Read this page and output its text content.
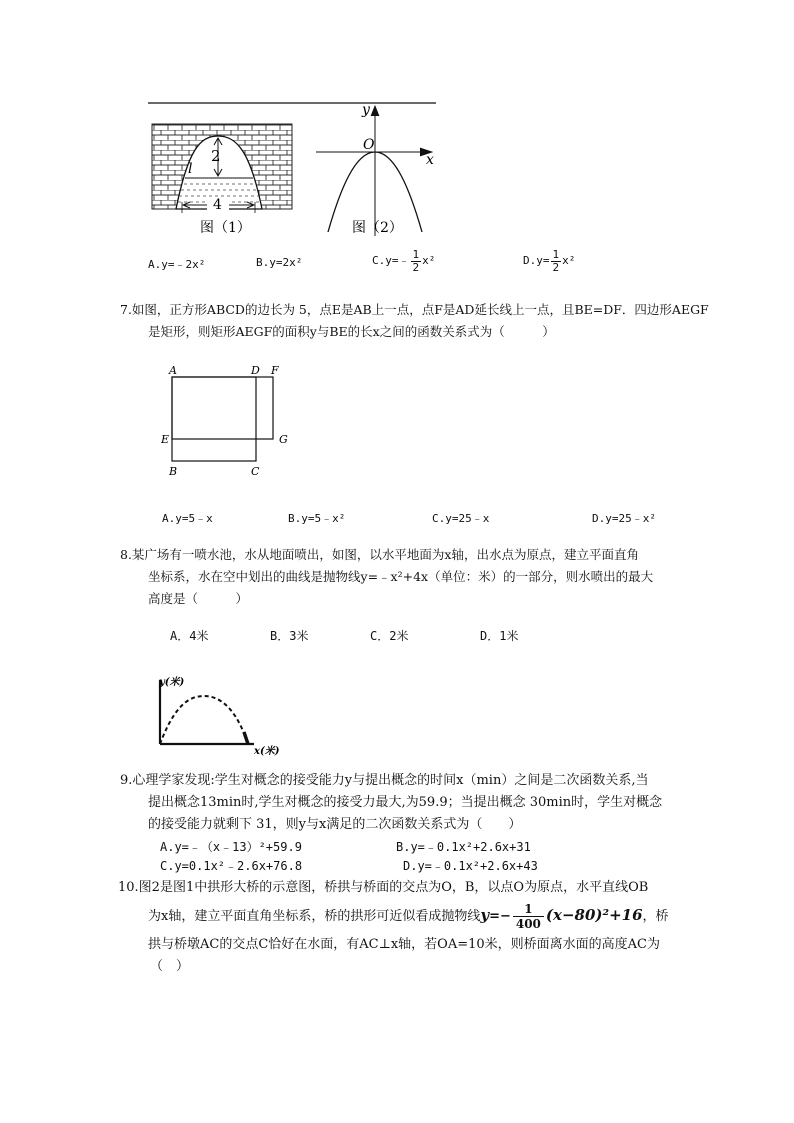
2
4
l
图（1）
y
x
O
图（2）
A.y=﹣2x²	B.y=2x²	C.y=﹣ $\frac{1}{2} x^2$	$D.y= \frac{1}{2} x^2$
7.如图，正方形ABCD的边长为 5，点E是AB上一点，点F是AD延长线上一点，且BE=DF．四边形AEGF
是矩形，则矩形AEGF的面积y与BE的长x之间的函数关系式为（　　　）
A	D F
E	G
B	C
A.y=5﹣x	B.y=5﹣x²	C.y=25﹣x	D.y=25﹣x²
8.某广场有一喷水池，水从地面喷出，如图，以水平地面为x轴，出水点为原点，建立平面直角
坐标系，水在空中划出的曲线是抛物线y=﹣x²+4x（单位：米）的一部分，则水喷出的最大
高度是（　　　）
A．4米	B．3米	C．2米	D．1米
y(米)
x(米)
9.心理学家发现:学生对概念的接受能力y与提出概念的时间x（min）之间是二次函数关系,当
提出概念13min时,学生对概念的接受力最大,为59.9；当提出概念 30min时，学生对概念
的接受能力就剩下 31，则y与x满足的二次函数关系式为（　　）
A.y=﹣（x﹣13）²+59.9	B.y=﹣0.1x²+2.6x+31
C.y=0.1x²﹣2.6x+76.8	D.y=﹣0.1x²+2.6x+43
10.图2是图1中拱形大桥的示意图，桥拱与桥面的交点为O，B，以点O为原点，水平直线OB
为x轴，建立平面直角坐标系，桥的拱形可近似看成抛物线$y=- \frac{1}{400} (x-80)^2+16$，桥
拱与桥墩AC的交点C恰好在水面，有AC⊥x轴，若OA=10米，则桥面离水面的高度AC为
（　）
